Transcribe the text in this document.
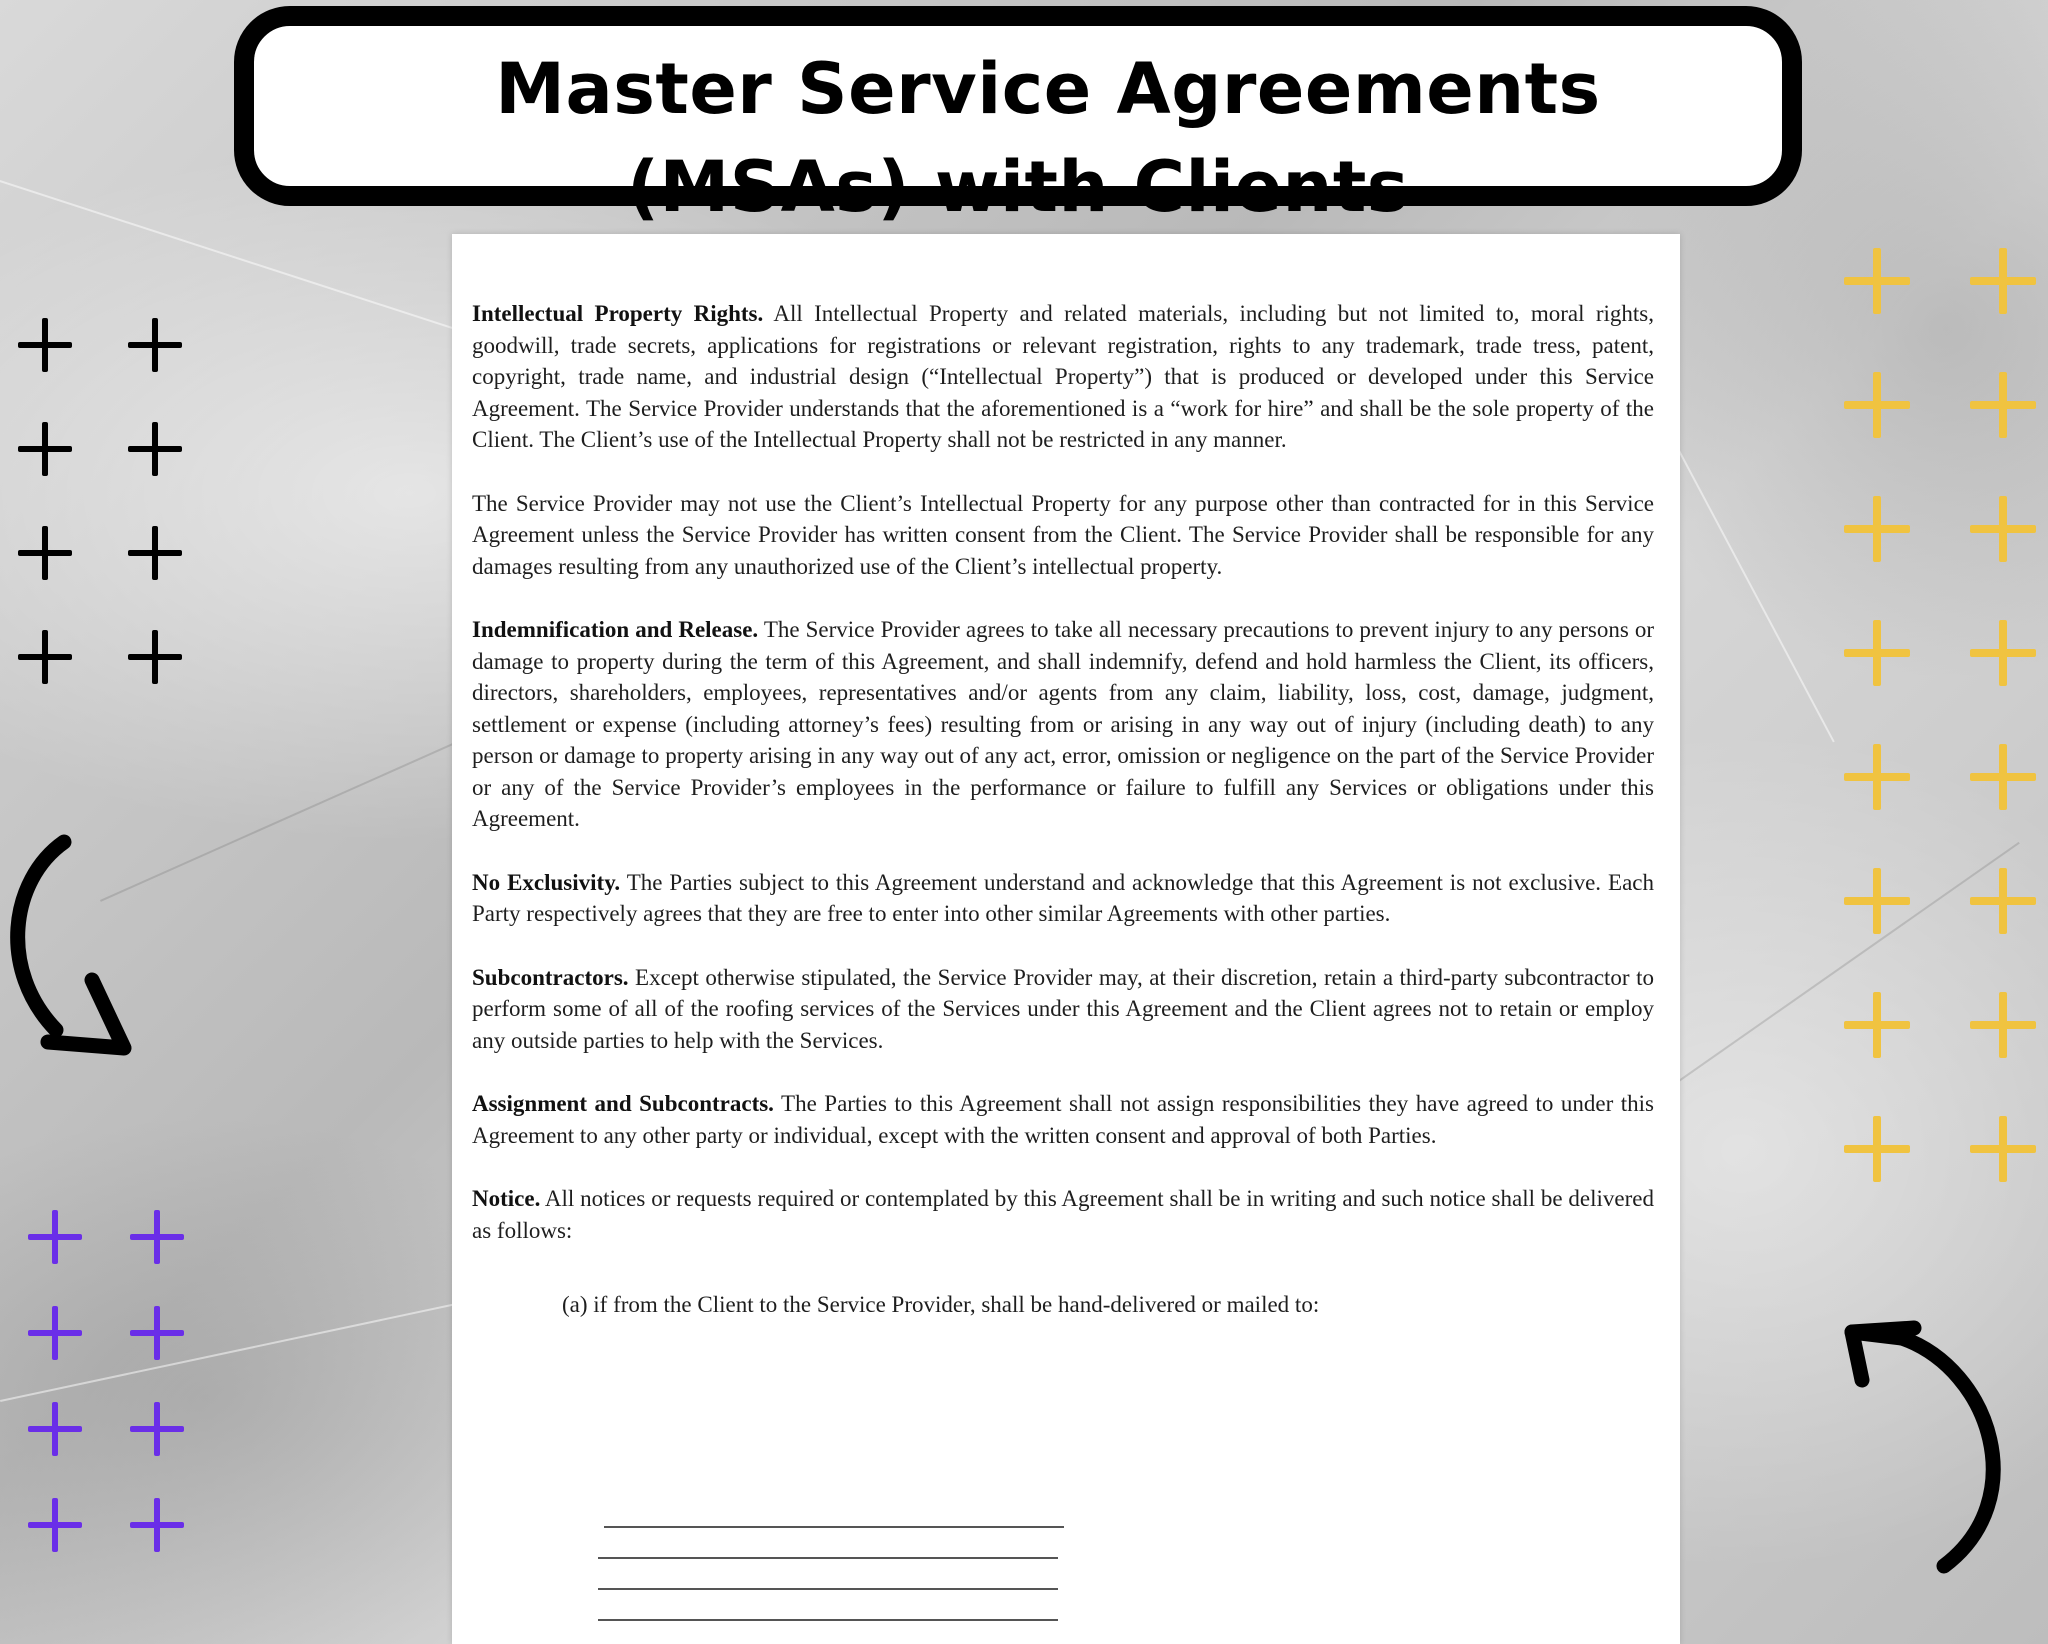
Master Service Agreements
(MSAs) with Clients

Intellectual Property Rights. All Intellectual Property and related materials, including but not limited to, moral rights, goodwill, trade secrets, applications for registrations or relevant registration, rights to any trademark, trade tress, patent, copyright, trade name, and industrial design (“Intellectual Property”) that is produced or developed under this Service Agreement. The Service Provider understands that the aforementioned is a “work for hire” and shall be the sole property of the Client. The Client’s use of the Intellectual Property shall not be restricted in any manner.

The Service Provider may not use the Client’s Intellectual Property for any purpose other than contracted for in this Service Agreement unless the Service Provider has written consent from the Client. The Service Provider shall be responsible for any damages resulting from any unauthorized use of the Client’s intellectual property.

Indemnification and Release. The Service Provider agrees to take all necessary precautions to prevent injury to any persons or damage to property during the term of this Agreement, and shall indemnify, defend and hold harmless the Client, its officers, directors, shareholders, employees, representatives and/or agents from any claim, liability, loss, cost, damage, judgment, settlement or expense (including attorney’s fees) resulting from or arising in any way out of injury (including death) to any person or damage to property arising in any way out of any act, error, omission or negligence on the part of the Service Provider or any of the Service Provider’s employees in the performance or failure to fulfill any Services or obligations under this Agreement.

No Exclusivity. The Parties subject to this Agreement understand and acknowledge that this Agreement is not exclusive. Each Party respectively agrees that they are free to enter into other similar Agreements with other parties.

Subcontractors. Except otherwise stipulated, the Service Provider may, at their discretion, retain a third-party subcontractor to perform some of all of the roofing services of the Services under this Agreement and the Client agrees not to retain or employ any outside parties to help with the Services.

Assignment and Subcontracts. The Parties to this Agreement shall not assign responsibilities they have agreed to under this Agreement to any other party or individual, except with the written consent and approval of both Parties.

Notice. All notices or requests required or contemplated by this Agreement shall be in writing and such notice shall be delivered as follows:

(a) if from the Client to the Service Provider, shall be hand-delivered or mailed to:
